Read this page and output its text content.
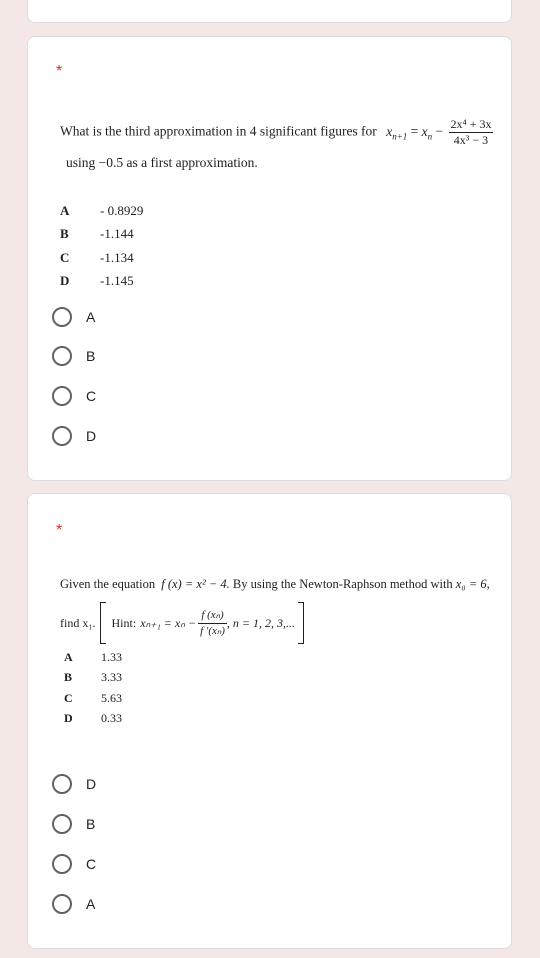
*
What is the third approximation in 4 significant figures for $x_{n+1} = x_n - \frac{\text{2x⁴ + 3x}}{\text{4x³ − 3}}$
using −0.5 as a first approximation.
A - 0.8929
B -1.144
C -1.134
D -1.145
A
B
C
D
*
Given the equation f (x) = x² − 4. By using the Newton-Raphson method with x₀ = 6,
find x₁. Hint: $x_{n+1} = x_n - \frac{\text{f (xₙ)}}{\text{f ′(xₙ)}}$ , n = 1, 2, 3,...
A 1.33
B 3.33
C 5.63
D 0.33
D
B
C
A
